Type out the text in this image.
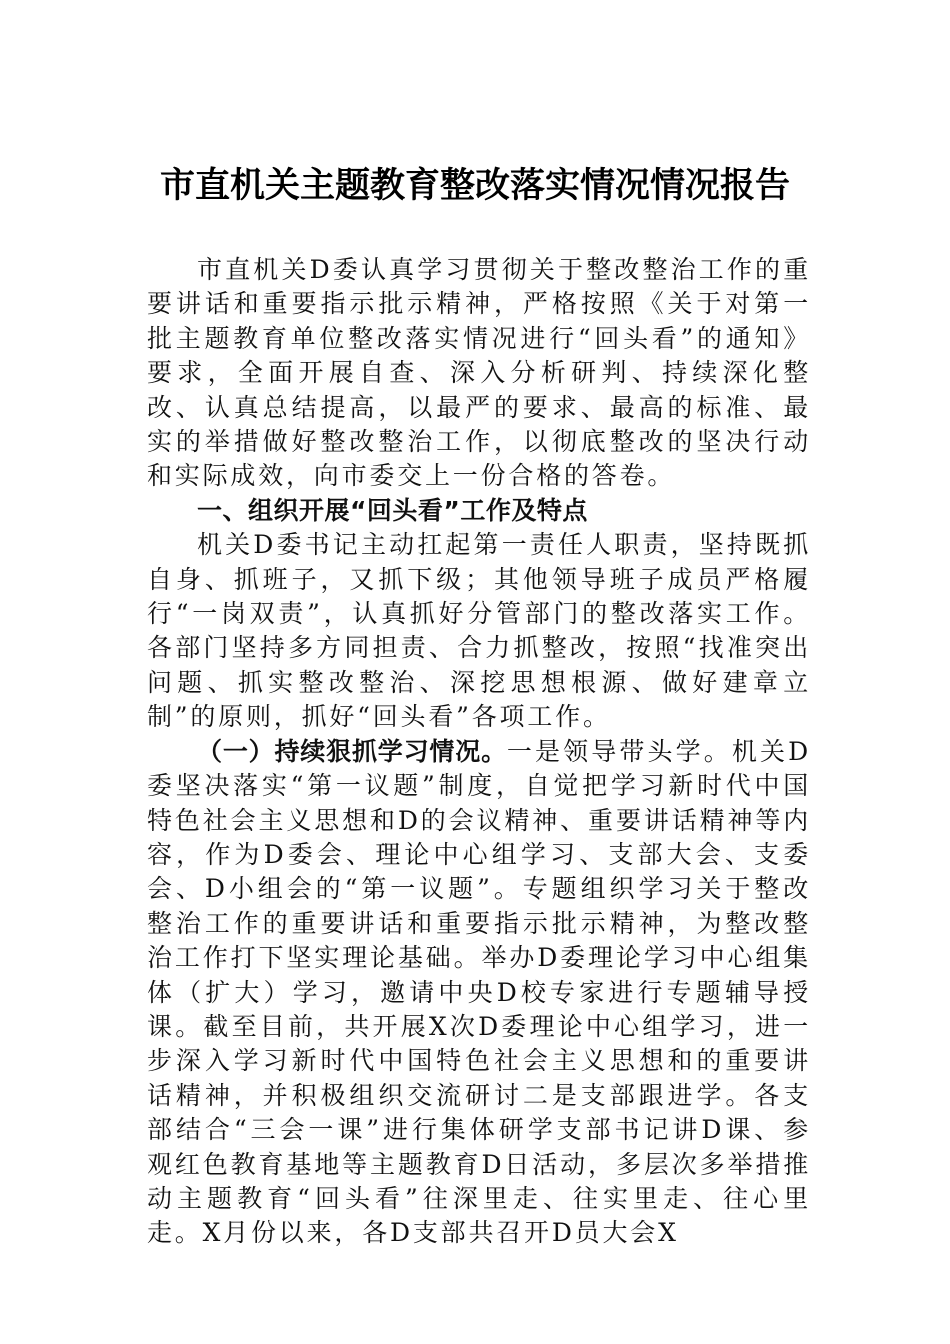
市直机关主题教育整改落实情况情况报告

市直机关D委认真学习贯彻关于整改整治工作的重要讲话和重要指示批示精神，严格按照《关于对第一批主题教育单位整改落实情况进行“回头看”的通知》要求，全面开展自查、深入分析研判、持续深化整改、认真总结提高，以最严的要求、最高的标准、最实的举措做好整改整治工作，以彻底整改的坚决行动和实际成效，向市委交上一份合格的答卷。

一、组织开展“回头看”工作及特点

机关D委书记主动扛起第一责任人职责，坚持既抓自身、抓班子，又抓下级；其他领导班子成员严格履行“一岗双责”，认真抓好分管部门的整改落实工作。各部门坚持多方同担责、合力抓整改，按照“找准突出问题、抓实整改整治、深挖思想根源、做好建章立制”的原则，抓好“回头看”各项工作。

（一）持续狠抓学习情况。一是领导带头学。机关D委坚决落实“第一议题”制度，自觉把学习新时代中国特色社会主义思想和D的会议精神、重要讲话精神等内容，作为D委会、理论中心组学习、支部大会、支委会、D小组会的“第一议题”。专题组织学习关于整改整治工作的重要讲话和重要指示批示精神，为整改整治工作打下坚实理论基础。举办D委理论学习中心组集体（扩大）学习，邀请中央D校专家进行专题辅导授课。截至目前，共开展X次D委理论中心组学习，进一步深入学习新时代中国特色社会主义思想和的重要讲话精神，并积极组织交流研讨二是支部跟进学。各支部结合“三会一课”进行集体研学支部书记讲D课、参观红色教育基地等主题教育D日活动，多层次多举措推动主题教育“回头看”往深里走、往实里走、往心里走。X月份以来，各D支部共召开D员大会X
